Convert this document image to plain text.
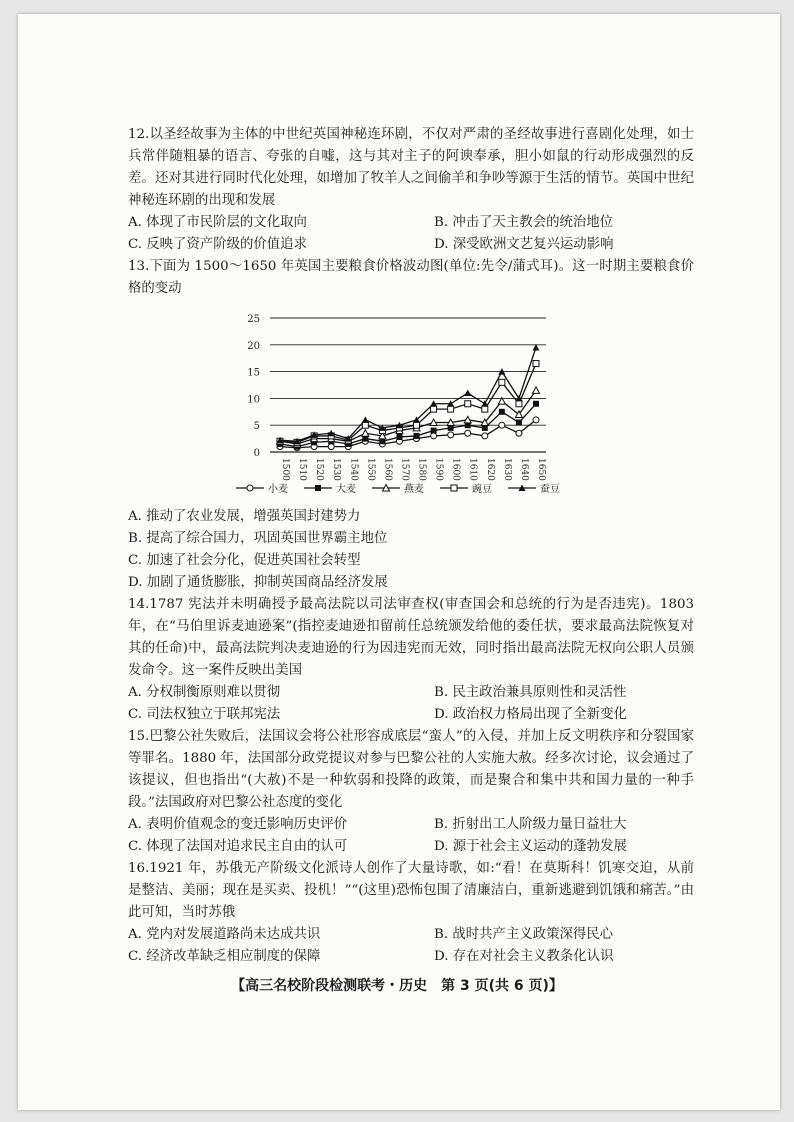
12.以圣经故事为主体的中世纪英国神秘连环剧，不仅对严肃的圣经故事进行喜剧化处理，如士兵常伴随粗暴的语言、夸张的自嘘，这与其对主子的阿谀奉承，胆小如鼠的行动形成强烈的反差。还对其进行同时代化处理，如增加了牧羊人之间偷羊和争吵等源于生活的情节。英国中世纪神秘连环剧的出现和发展

A. 体现了市民阶层的文化取向	B. 冲击了天主教会的统治地位

C. 反映了资产阶级的价值追求	D. 深受欧洲文艺复兴运动影响

13.下面为 1500～1650 年英国主要粮食价格波动图(单位:先令/蒲式耳)。这一时期主要粮食价格的变动

0
5
10
15
20
25
1500 1510 1520 1530 1540 1550 1560 1570 1580 1590 1600 1610 1620 1630 1640 1650
小麦	大麦	燕麦	豌豆	蚕豆

A. 推动了农业发展，增强英国封建势力

B. 提高了综合国力，巩固英国世界霸主地位

C. 加速了社会分化，促进英国社会转型

D. 加剧了通货膨胀，抑制英国商品经济发展

14.1787 宪法并未明确授予最高法院以司法审查权(审查国会和总统的行为是否违宪)。1803 年，在“马伯里诉麦迪逊案”(指控麦迪逊扣留前任总统颁发给他的委任状，要求最高法院恢复对其的任命)中，最高法院判决麦迪逊的行为因违宪而无效，同时指出最高法院无权向公职人员颁发命令。这一案件反映出美国

A. 分权制衡原则难以贯彻	B. 民主政治兼具原则性和灵活性

C. 司法权独立于联邦宪法	D. 政治权力格局出现了全新变化

15.巴黎公社失败后，法国议会将公社形容成底层“蛮人”的入侵，并加上反文明秩序和分裂国家等罪名。1880 年，法国部分政党提议对参与巴黎公社的人实施大赦。经多次讨论，议会通过了该提议，但也指出“(大赦)不是一种软弱和投降的政策，而是聚合和集中共和国力量的一种手段。”法国政府对巴黎公社态度的变化

A. 表明价值观念的变迁影响历史评价	B. 折射出工人阶级力量日益壮大

C. 体现了法国对追求民主自由的认可	D. 源于社会主义运动的蓬勃发展

16.1921 年，苏俄无产阶级文化派诗人创作了大量诗歌，如:“看！在莫斯科！饥寒交迫，从前是整洁、美丽；现在是买卖、投机！”“(这里)恐怖包围了清廉洁白，重新逃避到饥饿和痛苦。”由此可知，当时苏俄

A. 党内对发展道路尚未达成共识	B. 战时共产主义政策深得民心

C. 经济改革缺乏相应制度的保障	D. 存在对社会主义教条化认识

【高三名校阶段检测联考・历史　第 3 页(共 6 页)】
